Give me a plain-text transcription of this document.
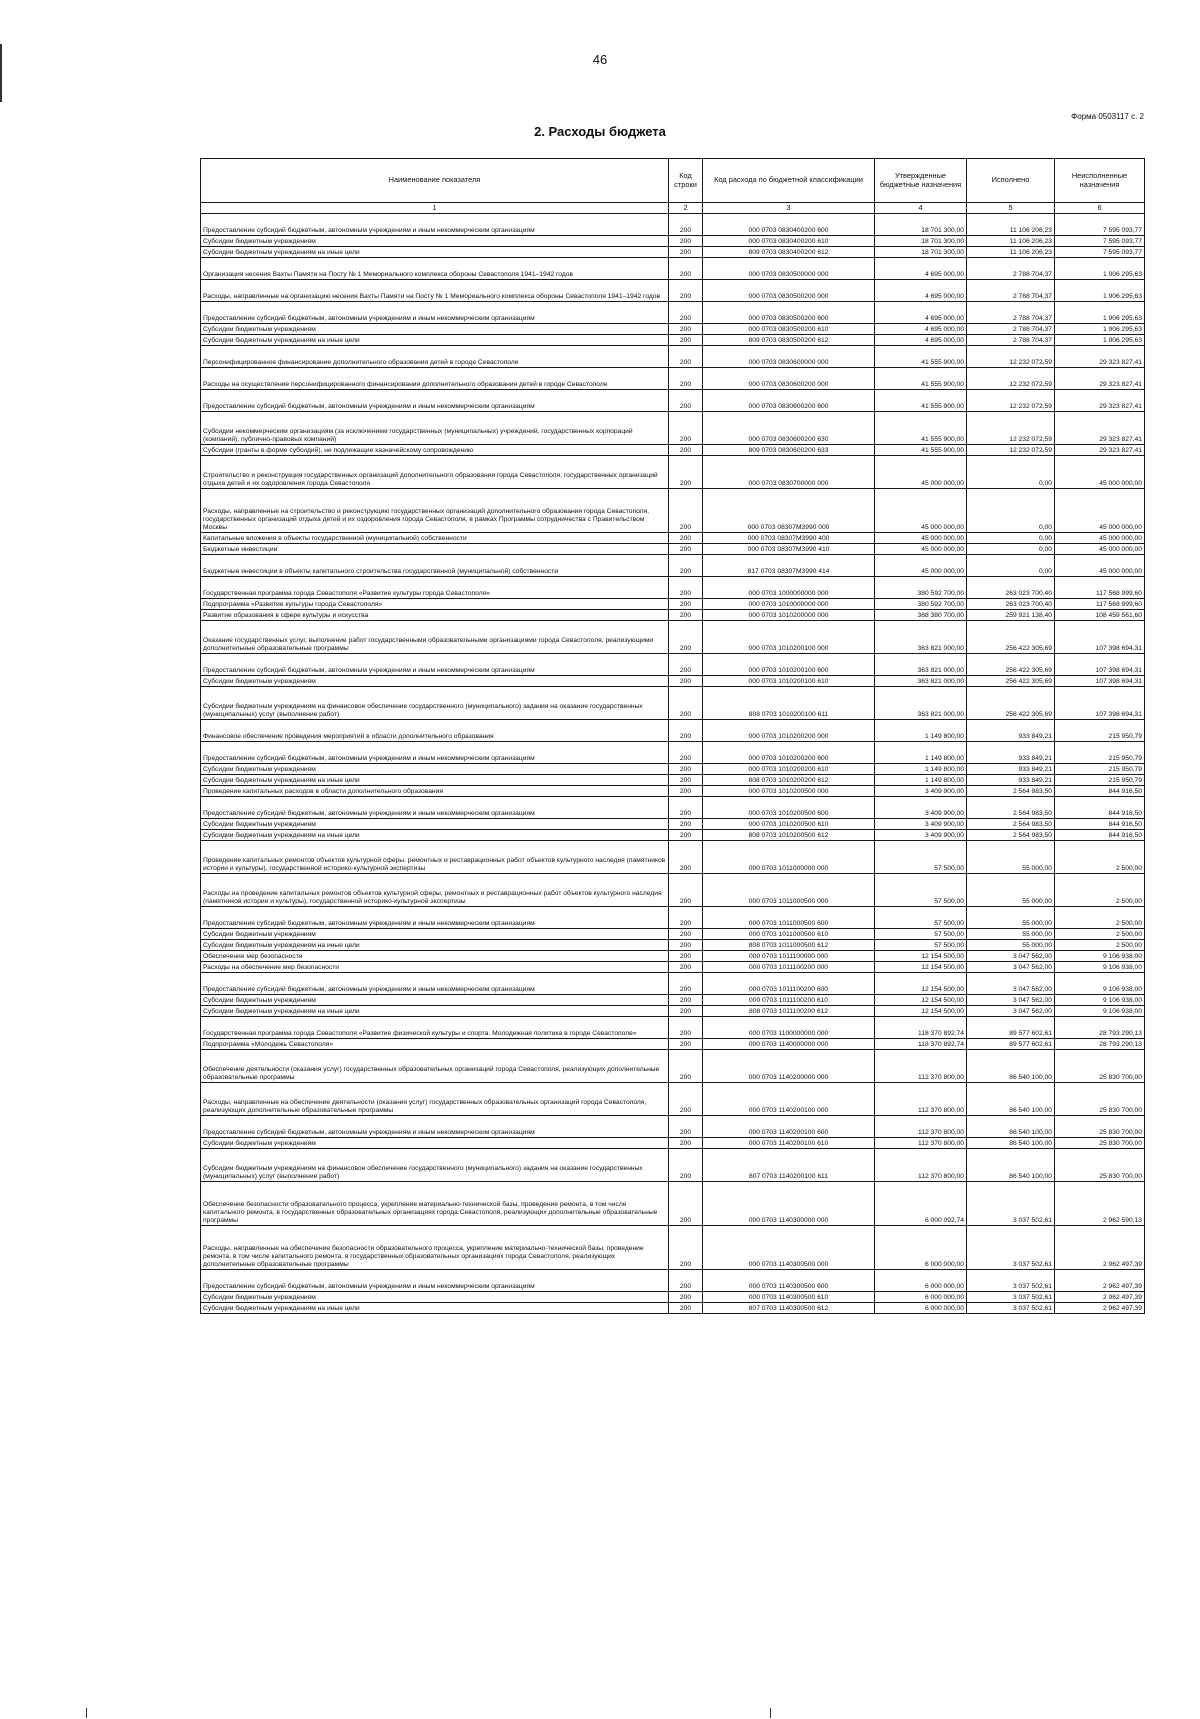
46
Форма 0503117 с. 2
2. Расходы бюджета
Наименование показателя	Код строки	Код расхода по бюджетной классификации	Утвержденные бюджетные назначения	Исполнено	Неисполненные назначения
1	2	3	4	5	6
Предоставление субсидий бюджетным, автономным учреждениям и иным некоммерческим организациям	200	000 0703 0830400200 600	18 701 300,00	11 106 206,23	7 595 093,77
Субсидии бюджетным учреждениям	200	000 0703 0830400200 610	18 701 300,00	11 106 206,23	7 595 093,77
Субсидии бюджетным учреждениям на иные цели	200	809 0703 0830400200 612	18 701 300,00	11 106 206,23	7 595 093,77
Организация несения Вахты Памяти на Посту № 1 Мемориального комплекса обороны Севастополя 1941–1942 годов	200	000 0703 0830500000 000	4 695 000,00	2 788 704,37	1 906 295,63
Расходы, направленные на организацию несения Вахты Памяти на Посту № 1 Мемориального комплекса обороны Севастополя 1941–1942 годов	200	000 0703 0830500200 000	4 695 000,00	2 788 704,37	1 906 295,63
Предоставление субсидий бюджетным, автономным учреждениям и иным некоммерческим организациям	200	000 0703 0830500200 600	4 695 000,00	2 788 704,37	1 906 295,63
Субсидии бюджетным учреждениям	200	000 0703 0830500200 610	4 695 000,00	2 788 704,37	1 906 295,63
Субсидии бюджетным учреждениям на иные цели	200	809 0703 0830500200 612	4 695 000,00	2 788 704,37	1 906 295,63
Персонифицированное финансирование дополнительного образования детей в городе Севастополе	200	000 0703 0830600000 000	41 555 900,00	12 232 072,59	29 323 827,41
Расходы на осуществление персонифицированного финансирования дополнительного образования детей в городе Севастополе	200	000 0703 0830600200 000	41 555 900,00	12 232 072,59	29 323 827,41
Предоставление субсидий бюджетным, автономным учреждениям и иным некоммерческим организациям	200	000 0703 0830600200 600	41 555 900,00	12 232 072,59	29 323 827,41
Субсидии некоммерческим организациям (за исключением государственных (муниципальных) учреждений, государственных корпораций (компаний), публично-правовых компаний)	200	000 0703 0830600200 630	41 555 900,00	12 232 072,59	29 323 827,41
Субсидии (гранты в форме субсидий), не подлежащие казначейскому сопровождению	200	809 0703 0830600200 633	41 555 900,00	12 232 072,59	29 323 827,41
Строительство и реконструкция государственных организаций дополнительного образования города Севастополя, государственных организаций отдыха детей и их оздоровления города Севастополя	200	000 0703 0830700000 000	45 000 000,00	0,00	45 000 000,00
Расходы, направленные на строительство и реконструкцию государственных организаций дополнительного образования города Севастополя, государственных организаций отдыха детей и их оздоровления города Севастополя, в рамках Программы сотрудничества с Правительством Москвы	200	000 0703 08307М3990 000	45 000 000,00	0,00	45 000 000,00
Капитальные вложения в объекты государственной (муниципальной) собственности	200	000 0703 08307М3990 400	45 000 000,00	0,00	45 000 000,00
Бюджетные инвестиции	200	000 0703 08307М3990 410	45 000 000,00	0,00	45 000 000,00
Бюджетные инвестиции в объекты капитального строительства государственной (муниципальной) собственности	200	817 0703 08307М3990 414	45 000 000,00	0,00	45 000 000,00
Государственная программа города Севастополя «Развитие культуры города Севастополя»	200	000 0703 1000000000 000	380 592 700,00	263 023 700,40	117 568 999,60
Подпрограмма «Развитие культуры города Севастополя»	200	000 0703 1010000000 000	380 592 700,00	263 023 700,40	117 568 999,60
Развитие образования в сфере культуры и искусства	200	000 0703 1010200000 000	368 380 700,00	259 921 138,40	108 459 561,60
Оказание государственных услуг, выполнение работ государственными образовательными организациями города Севастополя, реализующими дополнительные образовательные программы	200	000 0703 1010200100 000	363 821 000,00	256 422 305,69	107 398 694,31
Предоставление субсидий бюджетным, автономным учреждениям и иным некоммерческим организациям	200	000 0703 1010200100 600	363 821 000,00	256 422 305,69	107 398 694,31
Субсидии бюджетным учреждениям	200	000 0703 1010200100 610	363 821 000,00	256 422 305,69	107 398 694,31
Субсидии бюджетным учреждениям на финансовое обеспечение государственного (муниципального) задания на оказание государственных (муниципальных) услуг (выполнение работ)	200	808 0703 1010200100 611	363 821 000,00	256 422 305,69	107 398 694,31
Финансовое обеспечение проведения мероприятий в области дополнительного образования	200	000 0703 1010200200 000	1 149 800,00	933 849,21	215 950,79
Предоставление субсидий бюджетным, автономным учреждениям и иным некоммерческим организациям	200	000 0703 1010200200 600	1 149 800,00	933 849,21	215 950,79
Субсидии бюджетным учреждениям	200	000 0703 1010200200 610	1 149 800,00	933 849,21	215 950,79
Субсидии бюджетным учреждениям на иные цели	200	808 0703 1010200200 612	1 149 800,00	933 849,21	215 950,79
Проведение капитальных расходов в области дополнительного образования	200	000 0703 1010200500 000	3 409 900,00	2 564 983,50	844 916,50
Предоставление субсидий бюджетным, автономным учреждениям и иным некоммерческим организациям	200	000 0703 1010200500 600	3 409 900,00	2 564 983,50	844 916,50
Субсидии бюджетным учреждениям	200	000 0703 1010200500 610	3 409 900,00	2 564 983,50	844 916,50
Субсидии бюджетным учреждениям на иные цели	200	808 0703 1010200500 612	3 409 900,00	2 564 983,50	844 916,50
Проведение капитальных ремонтов объектов культурной сферы, ремонтных и реставрационных работ объектов культурного наследия (памятников истории и культуры), государственной историко-культурной экспертизы	200	000 0703 1011000000 000	57 500,00	55 000,00	2 500,00
Расходы на проведение капитальных ремонтов объектов культурной сферы, ремонтных и реставрационных работ объектов культурного наследия (памятников истории и культуры), государственной историко-культурной экспертизы	200	000 0703 1011000500 000	57 500,00	55 000,00	2 500,00
Предоставление субсидий бюджетным, автономным учреждениям и иным некоммерческим организациям	200	000 0703 1011000500 600	57 500,00	55 000,00	2 500,00
Субсидии бюджетным учреждениям	200	000 0703 1011000500 610	57 500,00	55 000,00	2 500,00
Субсидии бюджетным учреждениям на иные цели	200	808 0703 1011000500 612	57 500,00	55 000,00	2 500,00
Обеспечение мер безопасности	200	000 0703 1011100000 000	12 154 500,00	3 047 562,00	9 106 938,00
Расходы на обеспечение мер безопасности	200	000 0703 1011100200 000	12 154 500,00	3 047 562,00	9 106 938,00
Предоставление субсидий бюджетным, автономным учреждениям и иным некоммерческим организациям	200	000 0703 1011100200 600	12 154 500,00	3 047 562,00	9 106 938,00
Субсидии бюджетным учреждениям	200	000 0703 1011100200 610	12 154 500,00	3 047 562,00	9 106 938,00
Субсидии бюджетным учреждениям на иные цели	200	808 0703 1011100200 612	12 154 500,00	3 047 562,00	9 106 938,00
Государственная программа города Севастополя «Развитие физической культуры и спорта. Молодежная политика в городе Севастополе»	200	000 0703 1100000000 000	118 370 892,74	89 577 602,61	28 793 290,13
Подпрограмма «Молодежь Севастополя»	200	000 0703 1140000000 000	118 370 892,74	89 577 602,61	28 793 290,13
Обеспечение деятельности (оказания услуг) государственных образовательных организаций города Севастополя, реализующих дополнительные образовательные программы	200	000 0703 1140200000 000	112 370 800,00	86 540 100,00	25 830 700,00
Расходы, направленные на обеспечение деятельности (оказания услуг) государственных образовательных организаций города Севастополя, реализующих дополнительные образовательные программы	200	000 0703 1140200100 000	112 370 800,00	86 540 100,00	25 830 700,00
Предоставление субсидий бюджетным, автономным учреждениям и иным некоммерческим организациям	200	000 0703 1140200100 600	112 370 800,00	86 540 100,00	25 830 700,00
Субсидии бюджетным учреждениям	200	000 0703 1140200100 610	112 370 800,00	86 540 100,00	25 830 700,00
Субсидии бюджетным учреждениям на финансовое обеспечение государственного (муниципального) задания на оказание государственных (муниципальных) услуг (выполнение работ)	200	807 0703 1140200100 611	112 370 800,00	86 540 100,00	25 830 700,00
Обеспечение безопасности образовательного процесса, укрепление материально-технической базы, проведение ремонта, в том числе капитального ремонта, в государственных образовательных организациях города Севастополя, реализующих дополнительные образовательные программы	200	000 0703 1140300000 000	6 000 092,74	3 037 502,61	2 962 590,13
Расходы, направленные на обеспечение безопасности образовательного процесса, укрепление материально-технической базы, проведение ремонта, в том числе капитального ремонта, в государственных образовательных организациях города Севастополя, реализующих дополнительные образовательные программы	200	000 0703 1140300500 000	6 000 000,00	3 037 502,61	2 962 497,39
Предоставление субсидий бюджетным, автономным учреждениям и иным некоммерческим организациям	200	000 0703 1140300500 600	6 000 000,00	3 037 502,61	2 962 497,39
Субсидии бюджетным учреждениям	200	000 0703 1140300500 610	6 000 000,00	3 037 502,61	2 962 497,39
Субсидии бюджетным учреждениям на иные цели	200	807 0703 1140300500 612	6 000 000,00	3 037 502,61	2 962 497,39
